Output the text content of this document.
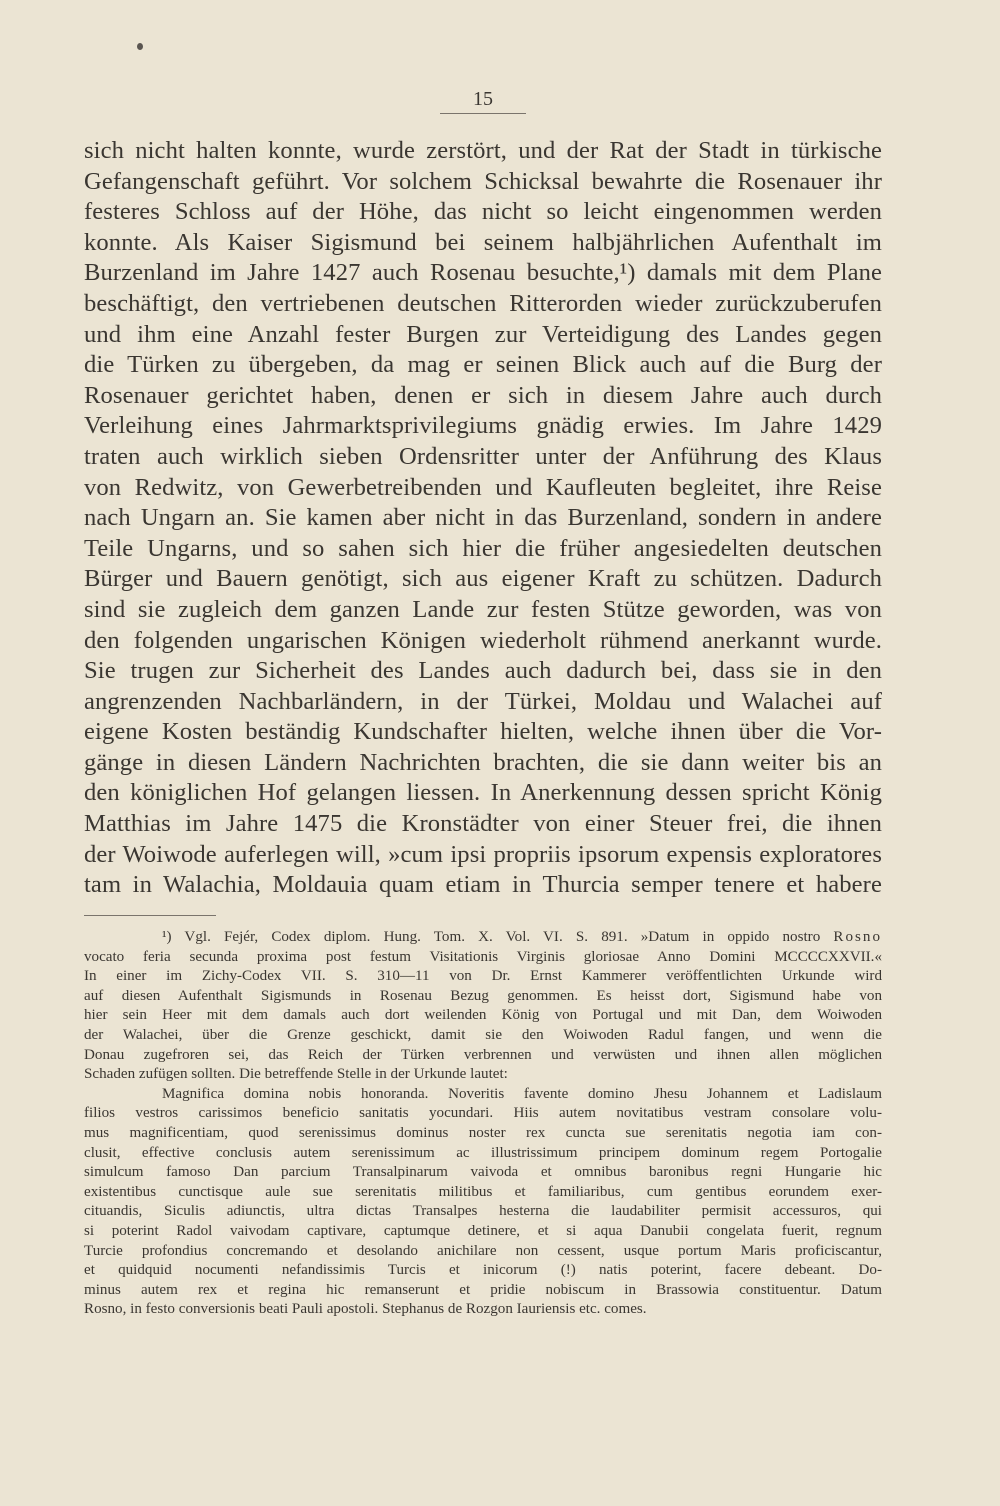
15
sich nicht halten konnte, wurde zerstört, und der Rat der Stadt in türkische
Gefangenschaft geführt. Vor solchem Schicksal bewahrte die Rosenauer ihr
festeres Schloss auf der Höhe, das nicht so leicht eingenommen werden
konnte. Als Kaiser Sigismund bei seinem halbjährlichen Aufenthalt im
Burzenland im Jahre 1427 auch Rosenau besuchte,¹) damals mit dem Plane
beschäftigt, den vertriebenen deutschen Ritterorden wieder zurückzuberufen
und ihm eine Anzahl fester Burgen zur Verteidigung des Landes gegen
die Türken zu übergeben, da mag er seinen Blick auch auf die Burg der
Rosenauer gerichtet haben, denen er sich in diesem Jahre auch durch
Verleihung eines Jahrmarktsprivilegiums gnädig erwies. Im Jahre 1429
traten auch wirklich sieben Ordensritter unter der Anführung des Klaus
von Redwitz, von Gewerbetreibenden und Kaufleuten begleitet, ihre Reise
nach Ungarn an. Sie kamen aber nicht in das Burzenland, sondern in andere
Teile Ungarns, und so sahen sich hier die früher angesiedelten deutschen
Bürger und Bauern genötigt, sich aus eigener Kraft zu schützen. Dadurch
sind sie zugleich dem ganzen Lande zur festen Stütze geworden, was von
den folgenden ungarischen Königen wiederholt rühmend anerkannt wurde.
Sie trugen zur Sicherheit des Landes auch dadurch bei, dass sie in den
angrenzenden Nachbarländern, in der Türkei, Moldau und Walachei auf
eigene Kosten beständig Kundschafter hielten, welche ihnen über die Vor-
gänge in diesen Ländern Nachrichten brachten, die sie dann weiter bis an
den königlichen Hof gelangen liessen. In Anerkennung dessen spricht König
Matthias im Jahre 1475 die Kronstädter von einer Steuer frei, die ihnen
der Woiwode auferlegen will, »cum ipsi propriis ipsorum expensis exploratores
tam in Walachia, Moldauia quam etiam in Thurcia semper tenere et habere
¹) Vgl. Fejér, Codex diplom. Hung. Tom. X. Vol. VI. S. 891. »Datum in oppido nostro Rosno
vocato feria secunda proxima post festum Visitationis Virginis gloriosae Anno Domini MCCCCXXVII.«
In einer im Zichy-Codex VII. S. 310—11 von Dr. Ernst Kammerer veröffentlichten Urkunde wird
auf diesen Aufenthalt Sigismunds in Rosenau Bezug genommen. Es heisst dort, Sigismund habe von
hier sein Heer mit dem damals auch dort weilenden König von Portugal und mit Dan, dem Woiwoden
der Walachei, über die Grenze geschickt, damit sie den Woiwoden Radul fangen, und wenn die
Donau zugefroren sei, das Reich der Türken verbrennen und verwüsten und ihnen allen möglichen
Schaden zufügen sollten. Die betreffende Stelle in der Urkunde lautet:
Magnifica domina nobis honoranda. Noveritis favente domino Jhesu Johannem et Ladislaum
filios vestros carissimos beneficio sanitatis yocundari. Hiis autem novitatibus vestram consolare volu-
mus magnificentiam, quod serenissimus dominus noster rex cuncta sue serenitatis negotia iam con-
clusit, effective conclusis autem serenissimum ac illustrissimum principem dominum regem Portogalie
simulcum famoso Dan parcium Transalpinarum vaivoda et omnibus baronibus regni Hungarie hic
existentibus cunctisque aule sue serenitatis militibus et familiaribus, cum gentibus eorundem exer-
cituandis, Siculis adiunctis, ultra dictas Transalpes hesterna die laudabiliter permisit accessuros, qui
si poterint Radol vaivodam captivare, captumque detinere, et si aqua Danubii congelata fuerit, regnum
Turcie profondius concremando et desolando anichilare non cessent, usque portum Maris proficiscantur,
et quidquid nocumenti nefandissimis Turcis et inicorum (!) natis poterint, facere debeant. Do-
minus autem rex et regina hic remanserunt et pridie nobiscum in Brassowia constituentur. Datum
Rosno, in festo conversionis beati Pauli apostoli. Stephanus de Rozgon Iauriensis etc. comes.
